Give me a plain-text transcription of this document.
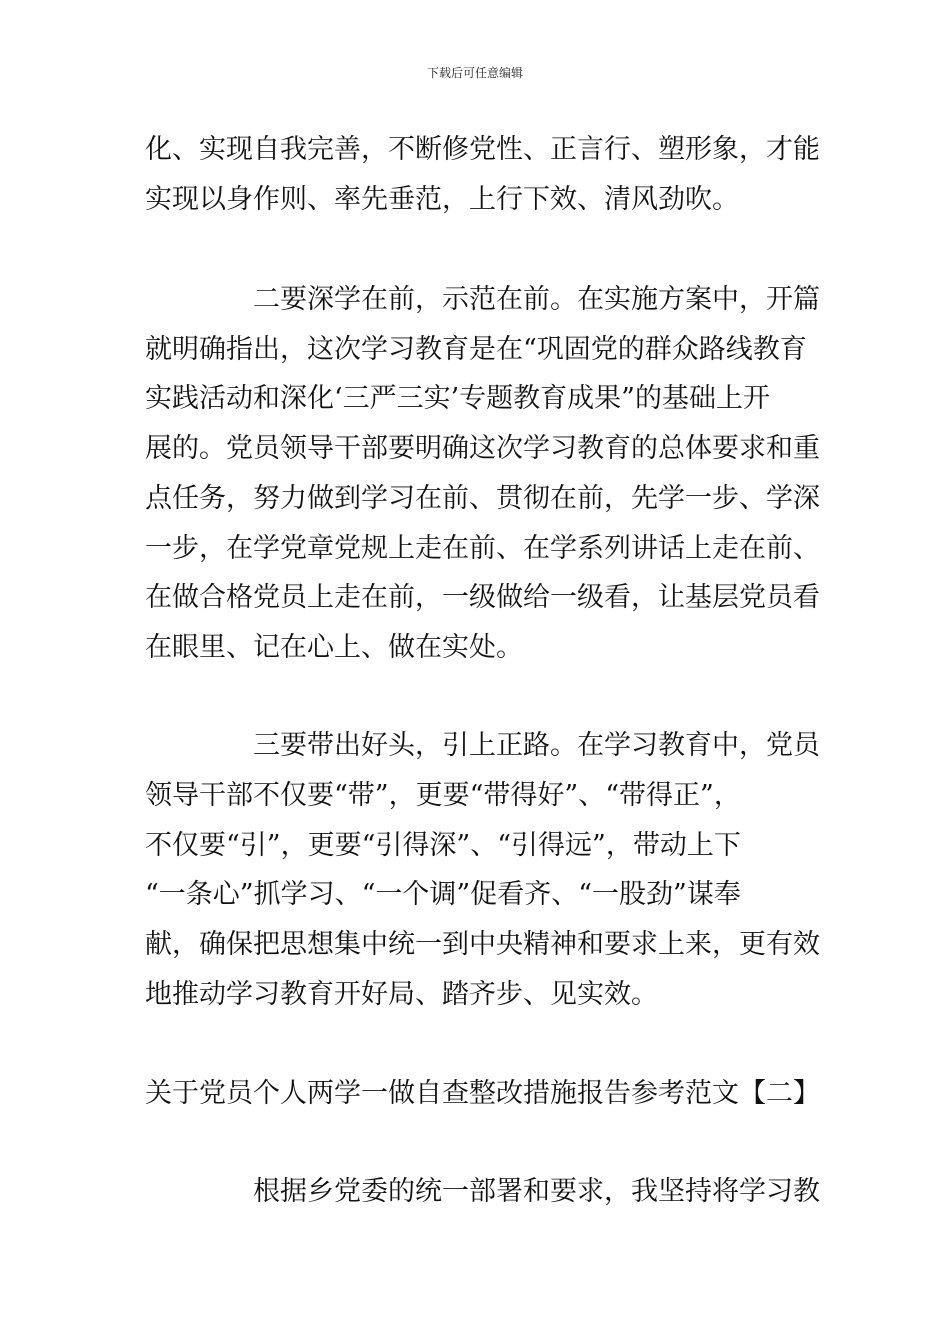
下载后可任意编辑
化、实现自我完善，不断修党性、正言行、塑形象，才能
实现以身作则、率先垂范，上行下效、清风劲吹。
二要深学在前，示范在前。在实施方案中，开篇
就明确指出，这次学习教育是在“巩固党的群众路线教育
实践活动和深化‘三严三实’专题教育成果”的基础上开
展的。党员领导干部要明确这次学习教育的总体要求和重
点任务，努力做到学习在前、贯彻在前，先学一步、学深
一步，在学党章党规上走在前、在学系列讲话上走在前、
在做合格党员上走在前，一级做给一级看，让基层党员看
在眼里、记在心上、做在实处。
三要带出好头，引上正路。在学习教育中，党员
领导干部不仅要“带”，更要“带得好”、“带得正”，
不仅要“引”，更要“引得深”、“引得远”，带动上下
“一条心”抓学习、“一个调”促看齐、“一股劲”谋奉
献，确保把思想集中统一到中央精神和要求上来，更有效
地推动学习教育开好局、踏齐步、见实效。
关于党员个人两学一做自查整改措施报告参考范文【二】
根据乡党委的统一部署和要求，我坚持将学习教
